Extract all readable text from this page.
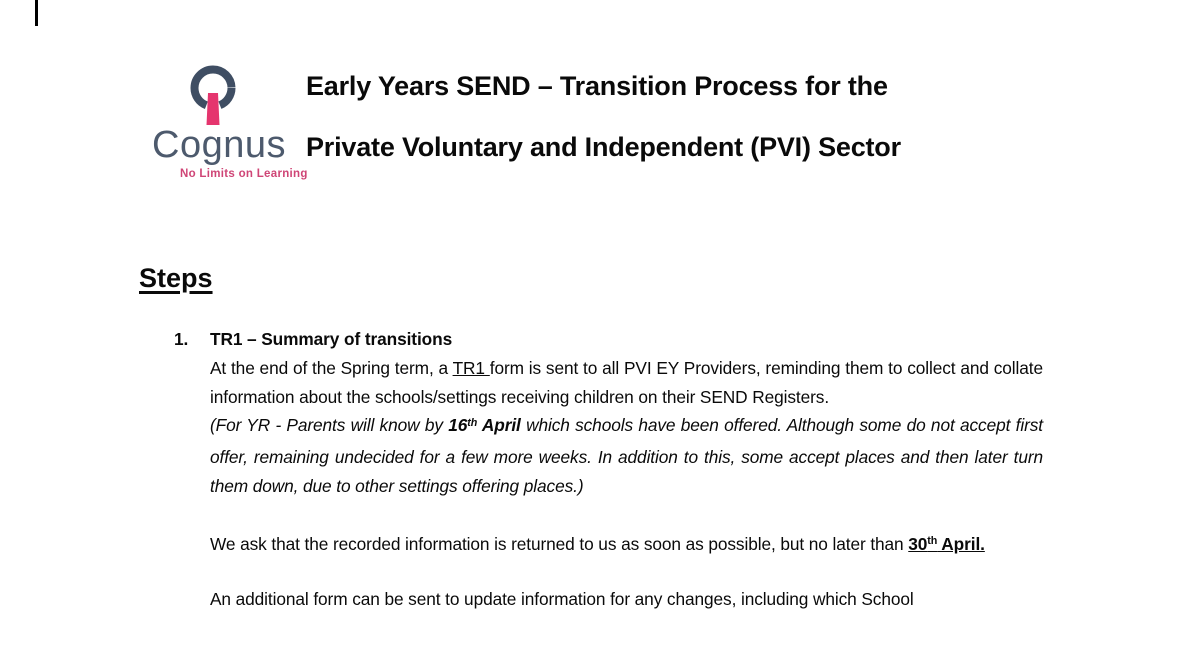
Cognus
No Limits on Learning
Early Years SEND – Transition Process for the
Private Voluntary and Independent (PVI) Sector
Steps
1. TR1 – Summary of transitions
At the end of the Spring term, a TR1 form is sent to all PVI EY Providers, reminding them to collect and collate information about the schools/settings receiving children on their SEND Registers.
(For YR - Parents will know by 16th April which schools have been offered. Although some do not accept first offer, remaining undecided for a few more weeks. In addition to this, some accept places and then later turn them down, due to other settings offering places.)
We ask that the recorded information is returned to us as soon as possible, but no later than 30th April.
An additional form can be sent to update information for any changes, including which School
